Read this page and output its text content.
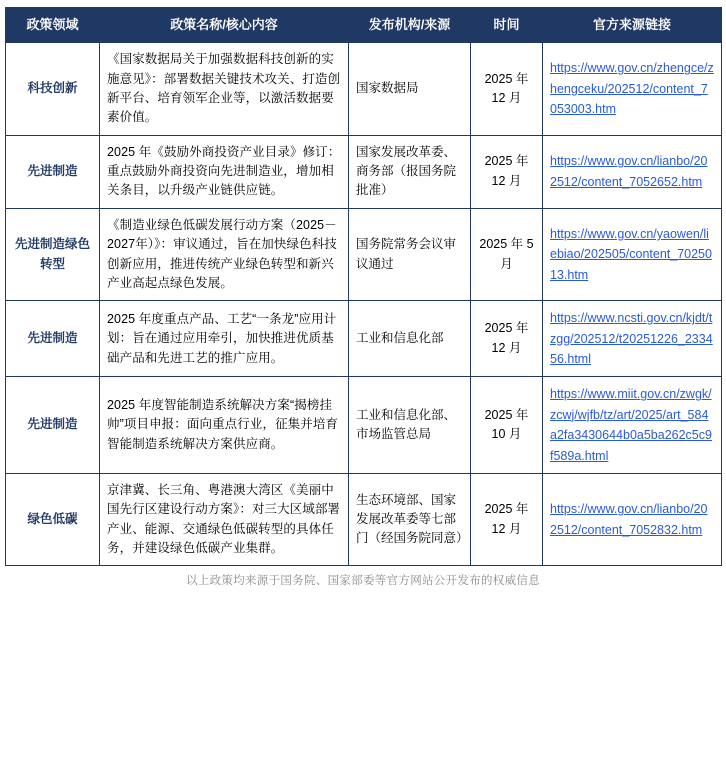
政策领域	政策名称/核心内容	发布机构/来源	时间	官方来源链接
科技创新	《国家数据局关于加强数据科技创新的实施意见》：部署数据关键技术攻关、打造创新平台、培育领军企业等，以激活数据要素价值。	国家数据局	2025 年 12 月	https://www.gov.cn/zhengce/zhengceku/202512/content_7053003.htm
先进制造	2025 年《鼓励外商投资产业目录》修订：重点鼓励外商投资向先进制造业，增加相关条目，以升级产业链供应链。	国家发展改革委、商务部（报国务院批准）	2025 年 12 月	https://www.gov.cn/lianbo/202512/content_7052652.htm
先进制造绿色转型	《制造业绿色低碳发展行动方案（2025－2027年）》：审议通过，旨在加快绿色科技创新应用，推进传统产业绿色转型和新兴产业高起点绿色发展。	国务院常务会议审议通过	2025 年 5 月	https://www.gov.cn/yaowen/liebiao/202505/content_7025013.htm
先进制造	2025 年度重点产品、工艺“一条龙”应用计划：旨在通过应用牵引，加快推进优质基础产品和先进工艺的推广应用。	工业和信息化部	2025 年 12 月	https://www.ncsti.gov.cn/kjdt/tzgg/202512/t20251226_233456.html
先进制造	2025 年度智能制造系统解决方案“揭榜挂帅”项目申报：面向重点行业，征集并培育智能制造系统解决方案供应商。	工业和信息化部、市场监管总局	2025 年 10 月	https://www.miit.gov.cn/zwgk/zcwj/wjfb/tz/art/2025/art_584a2fa3430644b0a5ba262c5c9f589a.html
绿色低碳	京津冀、长三角、粤港澳大湾区《美丽中国先行区建设行动方案》：对三大区域部署产业、能源、交通绿色低碳转型的具体任务，并建设绿色低碳产业集群。	生态环境部、国家发展改革委等七部门（经国务院同意）	2025 年 12 月	https://www.gov.cn/lianbo/202512/content_7052832.htm
以上政策均来源于国务院、国家部委等官方网站公开发布的权威信息
